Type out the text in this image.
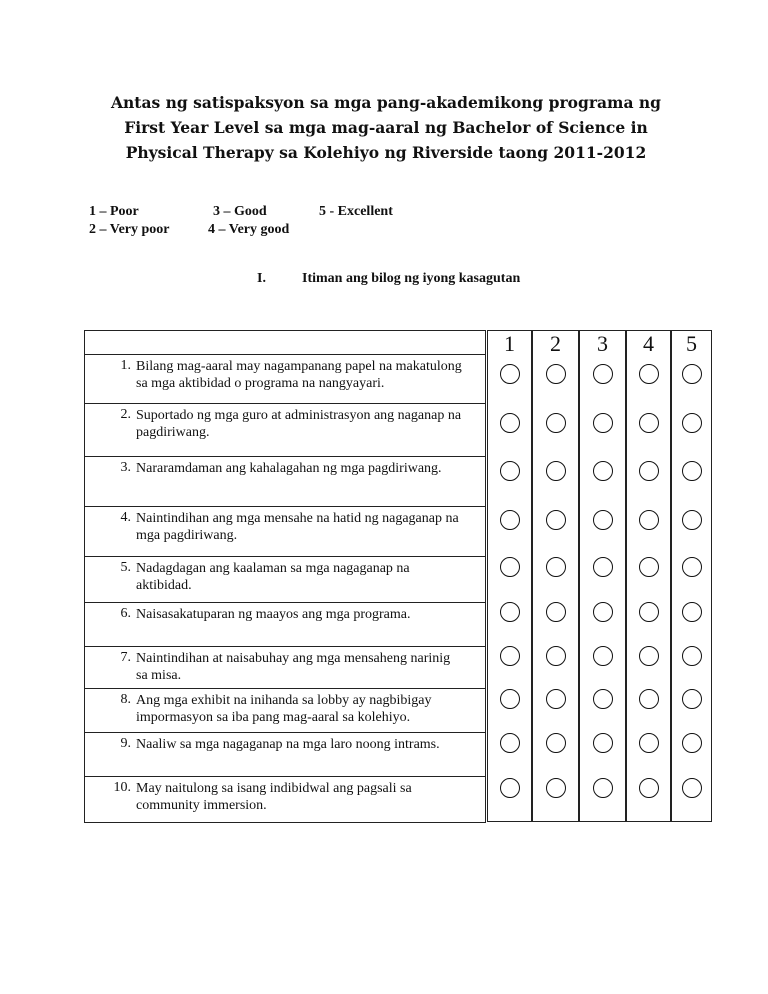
Antas ng satispaksyon sa mga pang-akademikong programa ng
First Year Level sa mga mag-aaral ng Bachelor of Science in
Physical Therapy sa Kolehiyo ng Riverside taong 2011-2012
1 – Poor
2 – Very poor
3 – Good
4 – Very good
5 - Excellent
I.	Itiman ang bilog ng iyong kasagutan
1. Bilang mag-aaral may nagampanang papel na makatulong sa mga aktibidad o programa na nangyayari.
2. Suportado ng mga guro at administrasyon ang naganap na pagdiriwang.
3. Nararamdaman ang kahalagahan ng mga pagdiriwang.
4. Naintindihan ang mga mensahe na hatid ng nagaganap na mga pagdiriwang.
5. Nadagdagan ang kaalaman sa mga nagaganap na aktibidad.
6. Naisasakatuparan ng maayos ang mga programa.
7. Naintindihan at naisabuhay ang mga mensaheng narinig sa misa.
8. Ang mga exhibit na inihanda sa lobby ay nagbibigay impormasyon sa iba pang mag-aaral sa kolehiyo.
9. Naaliw sa mga nagaganap na mga laro noong intrams.
10. May naitulong sa isang indibidwal ang pagsali sa community immersion.
1	2	3	4	5
